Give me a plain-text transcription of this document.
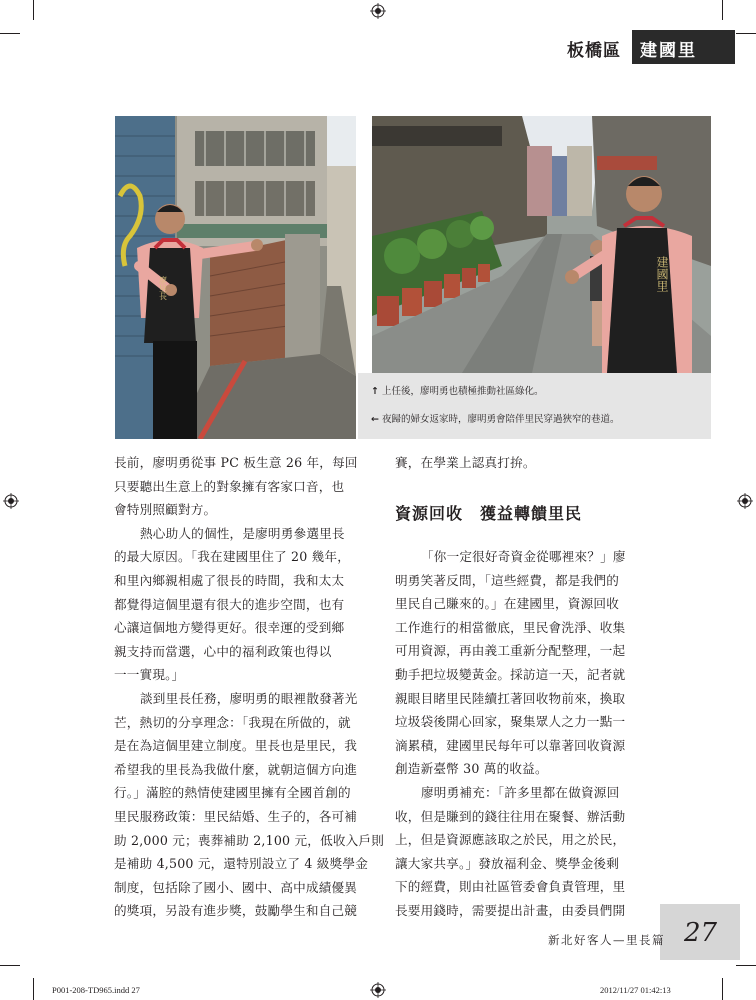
板橋區 建國里
廖里長	建國里
↑ 上任後，廖明勇也積極推動社區綠化。
← 夜歸的婦女返家時，廖明勇會陪伴里民穿過狹窄的巷道。

長前，廖明勇從事 PC 板生意 26 年，每回

只要聽出生意上的對象擁有客家口音，也

會特別照顧對方。

熱心助人的個性，是廖明勇參選里長

的最大原因。「我在建國里住了 20 幾年，

和里內鄉親相處了很長的時間，我和太太

都覺得這個里還有很大的進步空間，也有

心讓這個地方變得更好。很幸運的受到鄉

親支持而當選，心中的福利政策也得以

一一實現。」

談到里長任務，廖明勇的眼裡散發著光

芒，熱切的分享理念：「我現在所做的，就

是在為這個里建立制度。里長也是里民，我

希望我的里長為我做什麼，就朝這個方向進

行。」滿腔的熱情使建國里擁有全國首創的

里民服務政策：里民結婚、生子的，各可補

助 2,000 元；喪葬補助 2,100 元，低收入戶則

是補助 4,500 元，還特別設立了 4 級獎學金

制度，包括除了國小、國中、高中成績優異

的獎項，另設有進步獎，鼓勵學生和自己競

賽，在學業上認真打拚。

資源回收　獲益轉饋里民

「你一定很好奇資金從哪裡來？」廖

明勇笑著反問，「這些經費，都是我們的

里民自己賺來的。」在建國里，資源回收

工作進行的相當徹底，里民會洗淨、收集

可用資源，再由義工重新分配整理，一起

動手把垃圾變黃金。採訪這一天，記者就

親眼目睹里民陸續扛著回收物前來，換取

垃圾袋後開心回家，聚集眾人之力一點一

滴累積，建國里民每年可以靠著回收資源

創造新臺幣 30 萬的收益。

廖明勇補充：「許多里都在做資源回

收，但是賺到的錢往往用在聚餐、辦活動

上，但是資源應該取之於民，用之於民，

讓大家共享。」發放福利金、獎學金後剩

下的經費，則由社區管委會負責管理，里

長要用錢時，需要提出計畫，由委員們開

新北好客人—里長篇 27
P001-208-TD965.indd 27	2012/11/27 01:42:13
